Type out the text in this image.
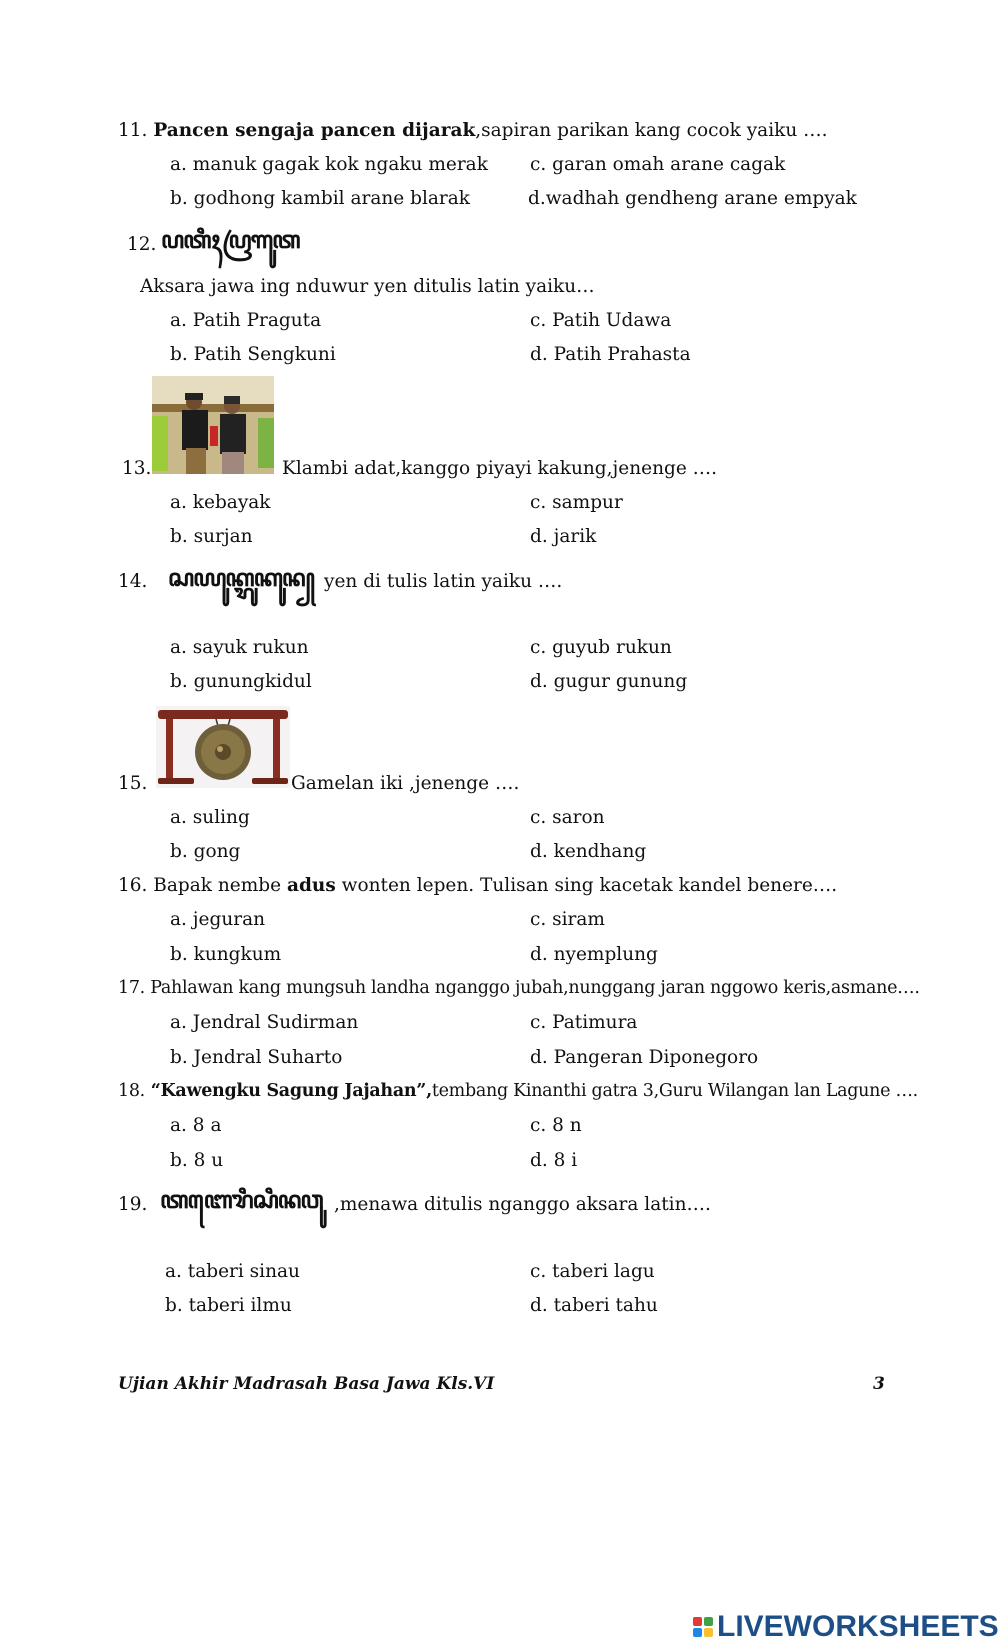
11. Pancen sengaja pancen dijarak,sapiran parikan kang cocok yaiku ….
a. manuk gagak kok ngaku merak c. garan omah arane cagak
b. godhong kambil arane blarak	d.wadhah gendheng arane empyak
12. ꦥꦠꦶꦃꦥꦿꦒꦸꦠ
Aksara jawa ing nduwur yen ditulis latin yaiku…
a. Patih Praguta	c. Patih Udawa
b. Patih Sengkuni	d. Patih Prahasta
13.	Klambi adat,kanggo piyayi kakung,jenenge ….
a. kebayak	c. sampur
b. surjan	d. jarik
14. ꦱꦪꦸꦏ꧀ꦫꦸꦏꦸꦤ꧀ yen di tulis latin yaiku ….
a. sayuk rukun	c. guyub rukun
b. gunungkidul	d. gugur gunung
15.	Gamelan iki ,jenenge ….
a. suling	c. saron
b. gong	d. kendhang
16. Bapak nembe adus wonten lepen. Tulisan sing kacetak kandel benere….
a. jeguran	c. siram
b. kungkum	d. nyemplung
17. Pahlawan kang mungsuh landha nganggo jubah,nunggang jaran nggowo keris,asmane….
a. Jendral Sudirman	c. Patimura
b. Jendral Suharto	d. Pangeran Diponegoro
18. “Kawengku Sagung Jajahan”,tembang Kinanthi gatra 3,Guru Wilangan lan Lagune ….
a. 8 a	c. 8 n
b. 8 u	d. 8 i
19. ꦠꦧꦺꦫꦶꦱꦶꦤꦮꦸ ,menawa ditulis nganggo aksara latin….
a. taberi sinau	c. taberi lagu
b. taberi ilmu	d. taberi tahu
Ujian Akhir Madrasah Basa Jawa Kls.VI	3
LIVEWORKSHEETS
